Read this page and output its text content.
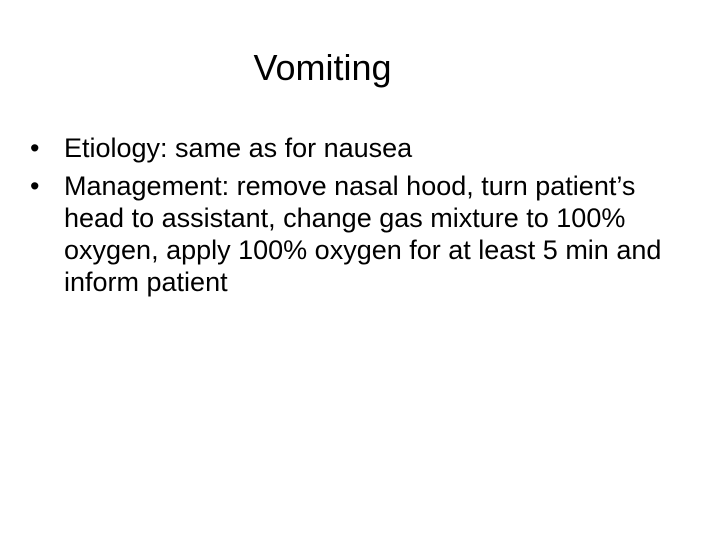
Vomiting
• Etiology: same as for nausea
• Management: remove nasal hood, turn patient’s head to assistant, change gas mixture to 100% oxygen, apply 100% oxygen for at least 5 min and inform patient
